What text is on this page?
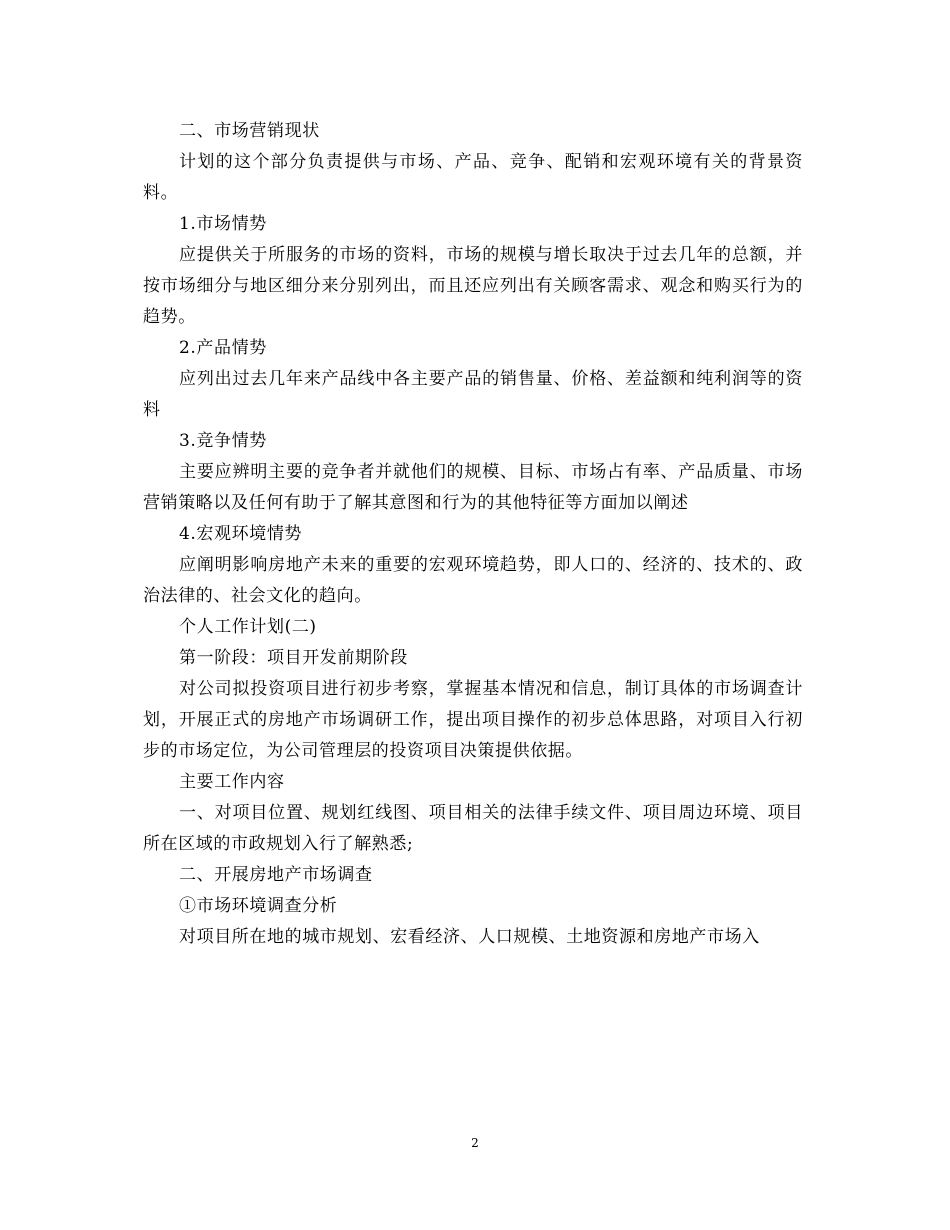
二、市场营销现状

计划的这个部分负责提供与市场、产品、竞争、配销和宏观环境有关的背景资料。

1.市场情势

应提供关于所服务的市场的资料，市场的规模与增长取决于过去几年的总额，并按市场细分与地区细分来分别列出，而且还应列出有关顾客需求、观念和购买行为的趋势。

2.产品情势

应列出过去几年来产品线中各主要产品的销售量、价格、差益额和纯利润等的资料

3.竞争情势

主要应辨明主要的竞争者并就他们的规模、目标、市场占有率、产品质量、市场营销策略以及任何有助于了解其意图和行为的其他特征等方面加以阐述

4.宏观环境情势

应阐明影响房地产未来的重要的宏观环境趋势，即人口的、经济的、技术的、政治法律的、社会文化的趋向。

个人工作计划(二)

第一阶段：项目开发前期阶段

对公司拟投资项目进行初步考察，掌握基本情况和信息，制订具体的市场调查计划，开展正式的房地产市场调研工作，提出项目操作的初步总体思路，对项目入行初步的市场定位，为公司管理层的投资项目决策提供依据。

主要工作内容

一、对项目位置、规划红线图、项目相关的法律手续文件、项目周边环境、项目所在区域的市政规划入行了解熟悉;

二、开展房地产市场调查

①市场环境调查分析

对项目所在地的城市规划、宏看经济、人口规模、土地资源和房地产市场入

2
